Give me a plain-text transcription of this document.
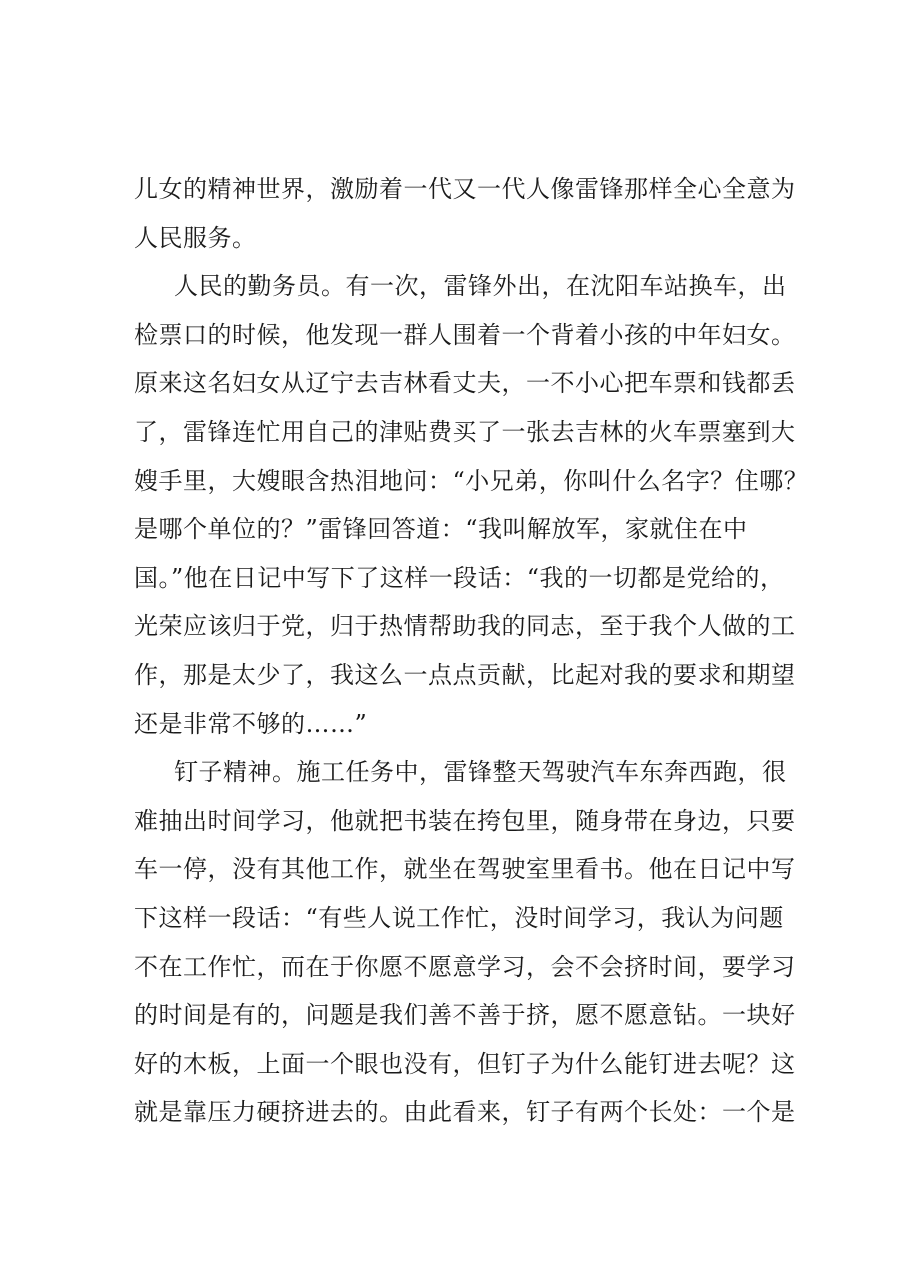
儿女的精神世界，激励着一代又一代人像雷锋那样全心全意为
人民服务。
人民的勤务员。有一次，雷锋外出，在沈阳车站换车，出
检票口的时候，他发现一群人围着一个背着小孩的中年妇女。
原来这名妇女从辽宁去吉林看丈夫，一不小心把车票和钱都丢
了，雷锋连忙用自己的津贴费买了一张去吉林的火车票塞到大
嫂手里，大嫂眼含热泪地问：“小兄弟，你叫什么名字？住哪？
是哪个单位的？”雷锋回答道：“我叫解放军，家就住在中
国。”他在日记中写下了这样一段话：“我的一切都是党给的，
光荣应该归于党，归于热情帮助我的同志，至于我个人做的工
作，那是太少了，我这么一点点贡献，比起对我的要求和期望
还是非常不够的……”
钉子精神。施工任务中，雷锋整天驾驶汽车东奔西跑，很
难抽出时间学习，他就把书装在挎包里，随身带在身边，只要
车一停，没有其他工作，就坐在驾驶室里看书。他在日记中写
下这样一段话：“有些人说工作忙，没时间学习，我认为问题
不在工作忙，而在于你愿不愿意学习，会不会挤时间，要学习
的时间是有的，问题是我们善不善于挤，愿不愿意钻。一块好
好的木板，上面一个眼也没有，但钉子为什么能钉进去呢？这
就是靠压力硬挤进去的。由此看来，钉子有两个长处：一个是
